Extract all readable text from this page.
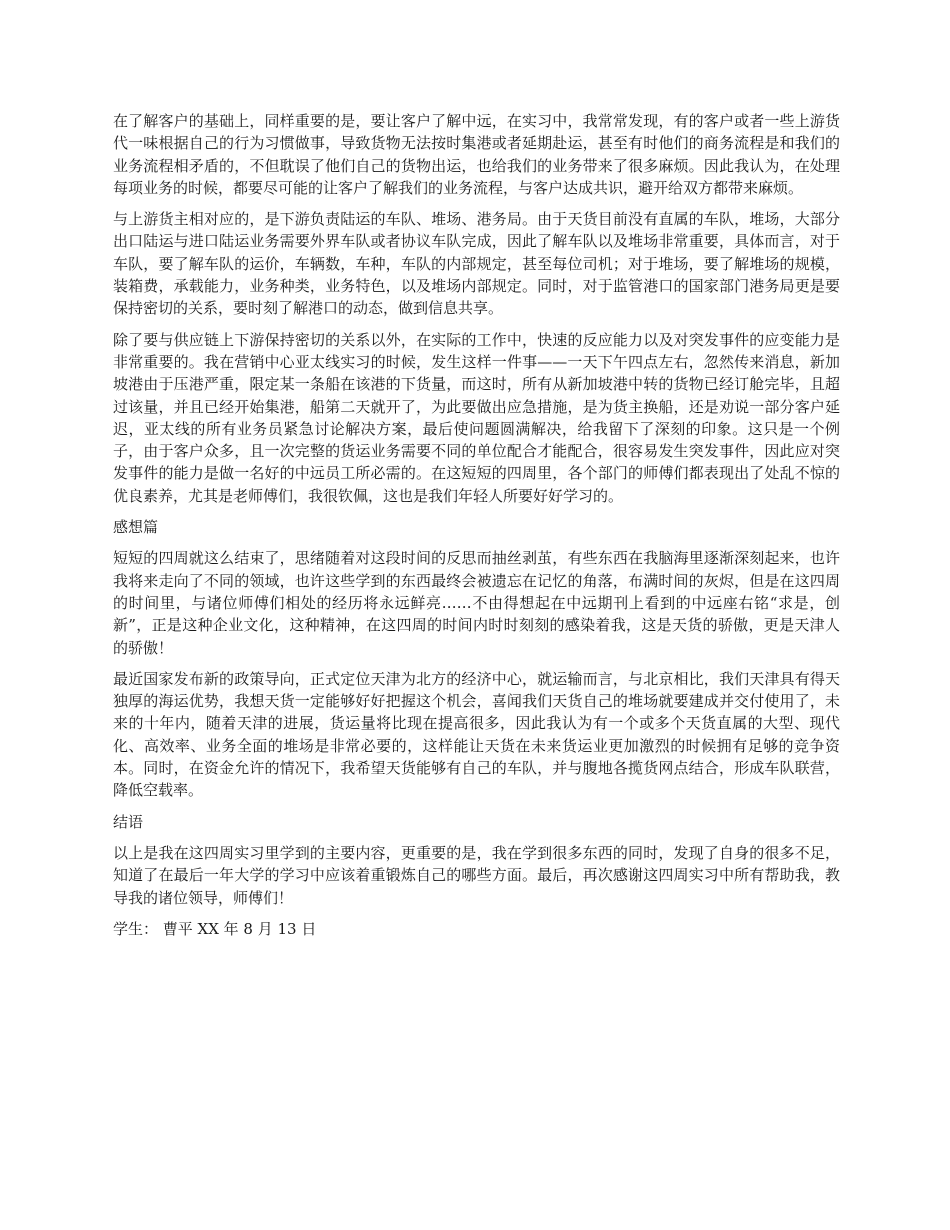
在了解客户的基础上，同样重要的是，要让客户了解中远，在实习中，我常常发现，有的客户或者一些上游货代一味根据自己的行为习惯做事，导致货物无法按时集港或者延期赴运，甚至有时他们的商务流程是和我们的业务流程相矛盾的，不但耽误了他们自己的货物出运，也给我们的业务带来了很多麻烦。因此我认为，在处理每项业务的时候，都要尽可能的让客户了解我们的业务流程，与客户达成共识，避开给双方都带来麻烦。

与上游货主相对应的，是下游负责陆运的车队、堆场、港务局。由于天货目前没有直属的车队，堆场，大部分出口陆运与进口陆运业务需要外界车队或者协议车队完成，因此了解车队以及堆场非常重要，具体而言，对于车队，要了解车队的运价，车辆数，车种，车队的内部规定，甚至每位司机；对于堆场，要了解堆场的规模，装箱费，承载能力，业务种类，业务特色，以及堆场内部规定。同时，对于监管港口的国家部门港务局更是要保持密切的关系，要时刻了解港口的动态，做到信息共享。

除了要与供应链上下游保持密切的关系以外，在实际的工作中，快速的反应能力以及对突发事件的应变能力是非常重要的。我在营销中心亚太线实习的时候，发生这样一件事——一天下午四点左右，忽然传来消息，新加坡港由于压港严重，限定某一条船在该港的下货量，而这时，所有从新加坡港中转的货物已经订舱完毕，且超过该量，并且已经开始集港，船第二天就开了，为此要做出应急措施，是为货主换船，还是劝说一部分客户延迟，亚太线的所有业务员紧急讨论解决方案，最后使问题圆满解决，给我留下了深刻的印象。这只是一个例子，由于客户众多，且一次完整的货运业务需要不同的单位配合才能配合，很容易发生突发事件，因此应对突发事件的能力是做一名好的中远员工所必需的。在这短短的四周里，各个部门的师傅们都表现出了处乱不惊的优良素养，尤其是老师傅们，我很钦佩，这也是我们年轻人所要好好学习的。

感想篇

短短的四周就这么结束了，思绪随着对这段时间的反思而抽丝剥茧，有些东西在我脑海里逐渐深刻起来，也许我将来走向了不同的领域，也许这些学到的东西最终会被遗忘在记忆的角落，布满时间的灰烬，但是在这四周的时间里，与诸位师傅们相处的经历将永远鲜亮……不由得想起在中远期刊上看到的中远座右铭“求是，创新”，正是这种企业文化，这种精神，在这四周的时间内时时刻刻的感染着我，这是天货的骄傲，更是天津人的骄傲！

最近国家发布新的政策导向，正式定位天津为北方的经济中心，就运输而言，与北京相比，我们天津具有得天独厚的海运优势，我想天货一定能够好好把握这个机会，喜闻我们天货自己的堆场就要建成并交付使用了，未来的十年内，随着天津的进展，货运量将比现在提高很多，因此我认为有一个或多个天货直属的大型、现代化、高效率、业务全面的堆场是非常必要的，这样能让天货在未来货运业更加激烈的时候拥有足够的竞争资本。同时，在资金允许的情况下，我希望天货能够有自己的车队，并与腹地各揽货网点结合，形成车队联营，降低空载率。

结语

以上是我在这四周实习里学到的主要内容，更重要的是，我在学到很多东西的同时，发现了自身的很多不足，知道了在最后一年大学的学习中应该着重锻炼自己的哪些方面。最后，再次感谢这四周实习中所有帮助我，教导我的诸位领导，师傅们！

学生： 曹平 XX 年 8 月 13 日
